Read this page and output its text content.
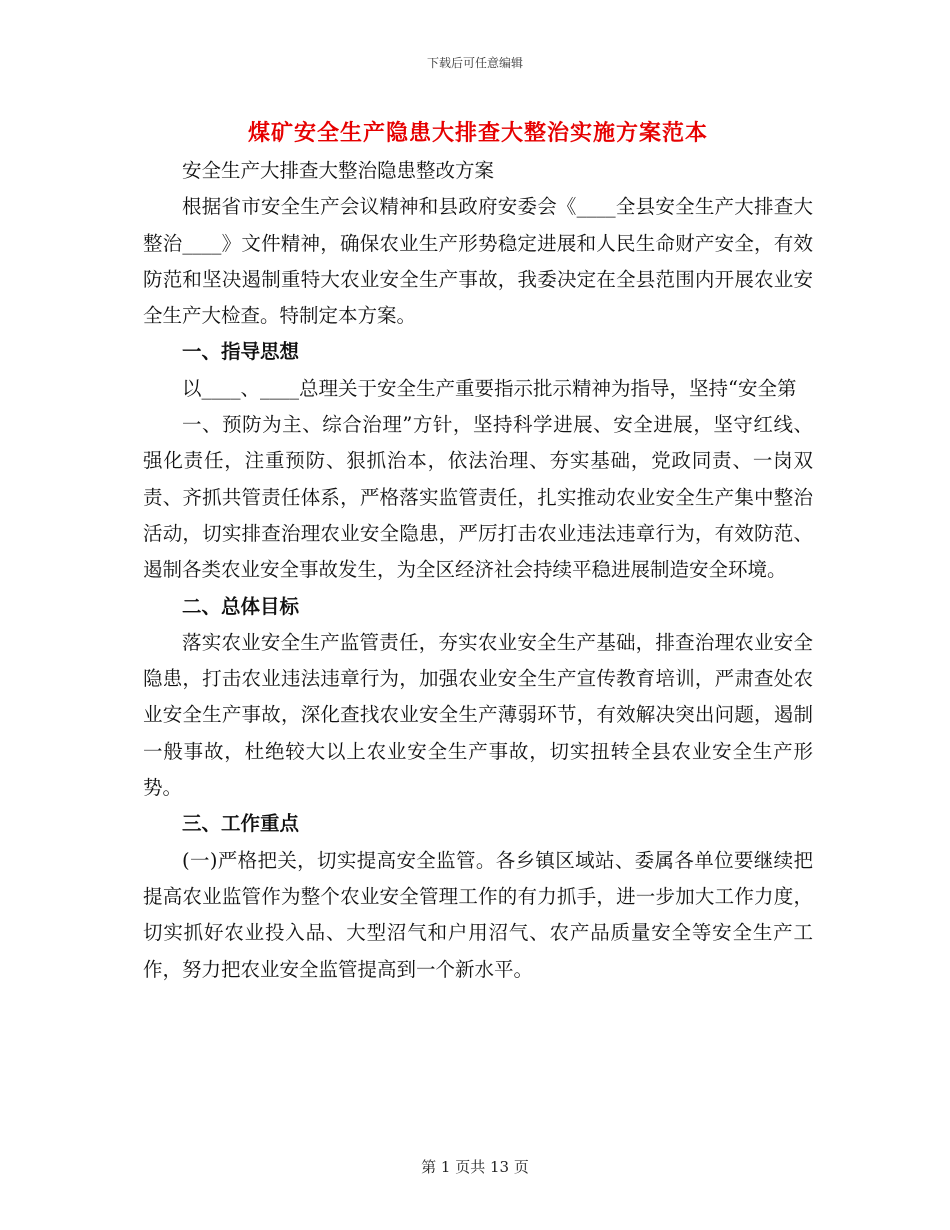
下载后可任意编辑
煤矿安全生产隐患大排查大整治实施方案范本

安全生产大排查大整治隐患整改方案

根据省市安全生产会议精神和县政府安委会《____全县安全生产大排查大整治____》文件精神，确保农业生产形势稳定进展和人民生命财产安全，有效防范和坚决遏制重特大农业安全生产事故，我委决定在全县范围内开展农业安全生产大检查。特制定本方案。

一、指导思想

以____、____总理关于安全生产重要指示批示精神为指导，坚持“安全第

一、预防为主、综合治理”方针，坚持科学进展、安全进展，坚守红线、强化责任，注重预防、狠抓治本，依法治理、夯实基础，党政同责、一岗双责、齐抓共管责任体系，严格落实监管责任，扎实推动农业安全生产集中整治活动，切实排查治理农业安全隐患，严厉打击农业违法违章行为，有效防范、遏制各类农业安全事故发生，为全区经济社会持续平稳进展制造安全环境。

二、总体目标

落实农业安全生产监管责任，夯实农业安全生产基础，排查治理农业安全隐患，打击农业违法违章行为，加强农业安全生产宣传教育培训，严肃查处农业安全生产事故，深化查找农业安全生产薄弱环节，有效解决突出问题，遏制一般事故，杜绝较大以上农业安全生产事故，切实扭转全县农业安全生产形势。

三、工作重点

(一)严格把关，切实提高安全监管。各乡镇区域站、委属各单位要继续把提高农业监管作为整个农业安全管理工作的有力抓手，进一步加大工作力度，切实抓好农业投入品、大型沼气和户用沼气、农产品质量安全等安全生产工作，努力把农业安全监管提高到一个新水平。

第 1 页共 13 页
